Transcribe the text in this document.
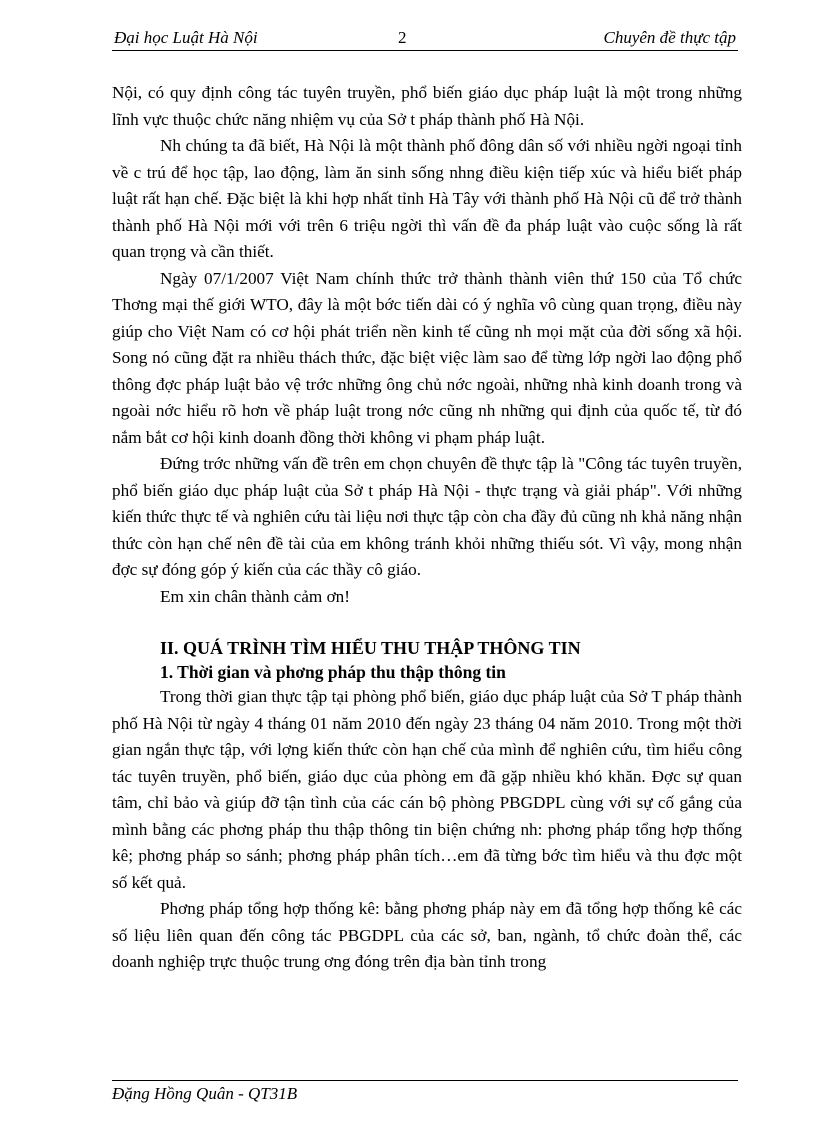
Đại học Luật Hà Nội	2	Chuyên đề thực tập

Nội, có quy định công tác tuyên truyền, phổ biến giáo dục pháp luật là một trong những lĩnh vực thuộc chức năng nhiệm vụ của Sở t pháp thành phố Hà Nội.

Nh chúng ta đã biết, Hà Nội là một thành phố đông dân số với nhiều ngời ngoại tỉnh về c trú để học tập, lao động, làm ăn sinh sống nhng điều kiện tiếp xúc và hiểu biết pháp luật rất hạn chế. Đặc biệt là khi hợp nhất tỉnh Hà Tây với thành phố Hà Nội cũ để trở thành thành phố Hà Nội mới với trên 6 triệu ngời thì vấn đề đa pháp luật vào cuộc sống là rất quan trọng và cần thiết.

Ngày 07/1/2007 Việt Nam chính thức trở thành thành viên thứ 150 của Tổ chức Thơng mại thế giới WTO, đây là một bớc tiến dài có ý nghĩa vô cùng quan trọng, điều này giúp cho Việt Nam có cơ hội phát triển nền kinh tế cũng nh mọi mặt của đời sống xã hội. Song nó cũng đặt ra nhiều thách thức, đặc biệt việc làm sao để từng lớp ngời lao động phổ thông đợc pháp luật bảo vệ trớc những ông chủ nớc ngoài, những nhà kinh doanh trong và ngoài nớc hiểu rõ hơn về pháp luật trong nớc cũng nh những qui định của quốc tế, từ đó nắm bắt cơ hội kinh doanh đồng thời không vi phạm pháp luật.

Đứng trớc những vấn đề trên em chọn chuyên đề thực tập là "Công tác tuyên truyền, phổ biến giáo dục pháp luật của Sở t pháp Hà Nội - thực trạng và giải pháp". Với những kiến thức thực tế và nghiên cứu tài liệu nơi thực tập còn cha đầy đủ cũng nh khả năng nhận thức còn hạn chế nên đề tài của em không tránh khỏi những thiếu sót. Vì vậy, mong nhận đợc sự đóng góp ý kiến của các thầy cô giáo.

Em xin chân thành cảm ơn!

II. QUÁ TRÌNH TÌM HIỂU THU THẬP THÔNG TIN
1. Thời gian và phơng pháp thu thập thông tin

Trong thời gian thực tập tại phòng phổ biến, giáo dục pháp luật của Sở T pháp thành phố Hà Nội từ ngày 4 tháng 01 năm 2010 đến ngày 23 tháng 04 năm 2010. Trong một thời gian ngắn thực tập, với lợng kiến thức còn hạn chế của mình để nghiên cứu, tìm hiểu công tác tuyên truyền, phổ biến, giáo dục của phòng em đã gặp nhiều khó khăn. Đợc sự quan tâm, chỉ bảo và giúp đỡ tận tình của các cán bộ phòng PBGDPL cùng với sự cố gắng của mình bằng các phơng pháp thu thập thông tin biện chứng nh: phơng pháp tổng hợp thống kê; phơng pháp so sánh; phơng pháp phân tích…em đã từng bớc tìm hiểu và thu đợc một số kết quả.

Phơng pháp tổng hợp thống kê: bằng phơng pháp này em đã tổng hợp thống kê các số liệu liên quan đến công tác PBGDPL của các sở, ban, ngành, tổ chức đoàn thể, các doanh nghiệp trực thuộc trung ơng đóng trên địa bàn tỉnh trong

Đặng Hồng Quân - QT31B
